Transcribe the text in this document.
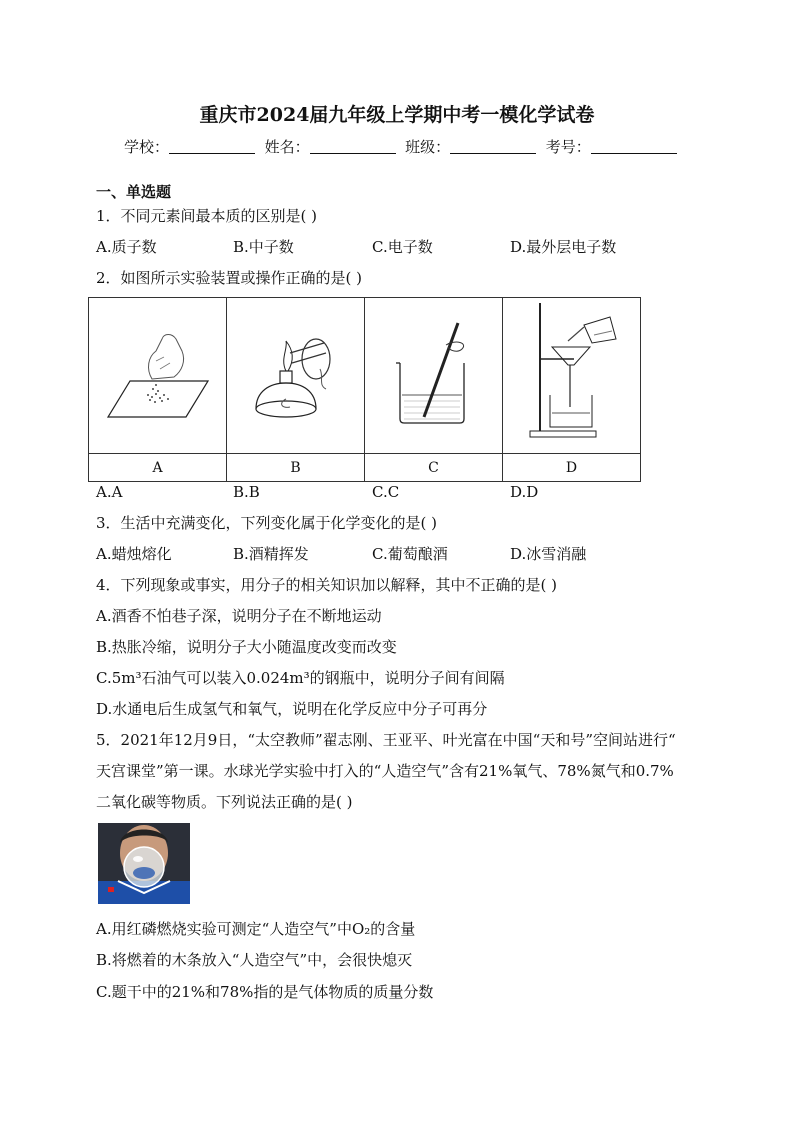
重庆市2024届九年级上学期中考一模化学试卷
学校：	姓名：	班级：	考号：
一、单选题
1．不同元素间最本质的区别是( )
A.质子数	B.中子数	C.电子数	D.最外层电子数
2．如图所示实验装置或操作正确的是( )

A	B	C	D
A.A	B.B	C.C	D.D
3．生活中充满变化，下列变化属于化学变化的是( )
A.蜡烛熔化	B.酒精挥发	C.葡萄酿酒	D.冰雪消融
4．下列现象或事实，用分子的相关知识加以解释，其中不正确的是( )
A.酒香不怕巷子深，说明分子在不断地运动
B.热胀冷缩，说明分子大小随温度改变而改变
C.5m³石油气可以装入0.024m³的钢瓶中，说明分子间有间隔
D.水通电后生成氢气和氧气，说明在化学反应中分子可再分
5．2021年12月9日，“太空教师”翟志刚、王亚平、叶光富在中国“天和号”空间站进行“
天宫课堂”第一课。水球光学实验中打入的“人造空气”含有21%氧气、78%氮气和0.7%
二氧化碳等物质。下列说法正确的是( )
A.用红磷燃烧实验可测定“人造空气”中O₂的含量
B.将燃着的木条放入“人造空气”中，会很快熄灭
C.题干中的21%和78%指的是气体物质的质量分数
